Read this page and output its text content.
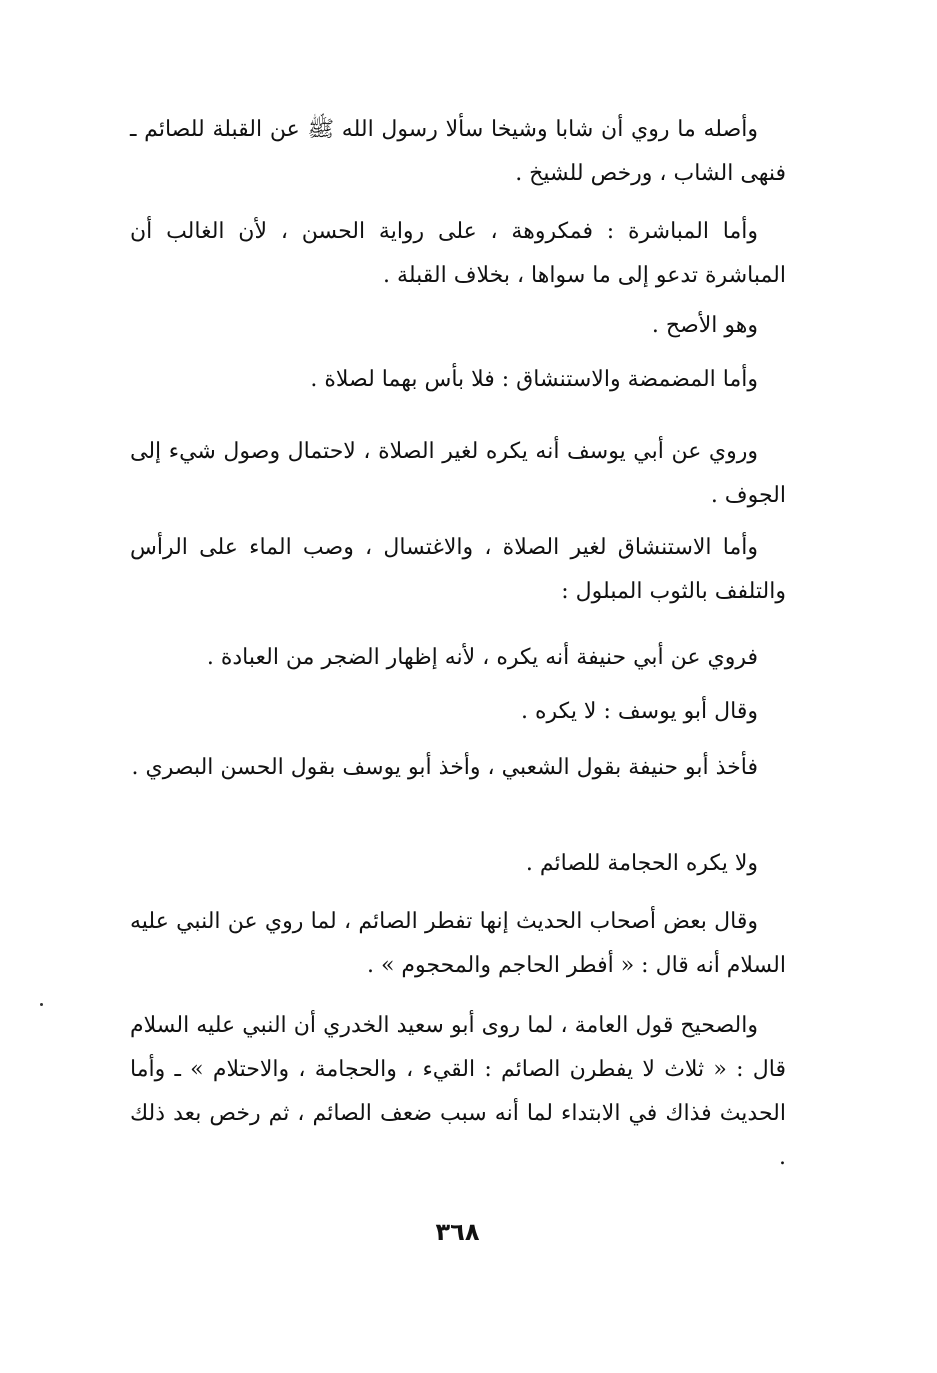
وأصله ما روي أن شابا وشيخا سألا رسول الله ﷺ عن القبلة للصائم ـ فنهى الشاب ، ورخص للشيخ .

وأما المباشرة : فمكروهة ، على رواية الحسن ، لأن الغالب أن المباشرة تدعو إلى ما سواها ، بخلاف القبلة .

وهو الأصح .

وأما المضمضة والاستنشاق : فلا بأس بهما لصلاة .

وروي عن أبي يوسف أنه يكره لغير الصلاة ، لاحتمال وصول شيء إلى الجوف .

وأما الاستنشاق لغير الصلاة ، والاغتسال ، وصب الماء على الرأس والتلفف بالثوب المبلول :

فروي عن أبي حنيفة أنه يكره ، لأنه إظهار الضجر من العبادة .

وقال أبو يوسف : لا يكره .

فأخذ أبو حنيفة بقول الشعبي ، وأخذ أبو يوسف بقول الحسن البصري .

ولا يكره الحجامة للصائم .

وقال بعض أصحاب الحديث إنها تفطر الصائم ، لما روي عن النبي عليه السلام أنه قال : « أفطر الحاجم والمحجوم » .

والصحيح قول العامة ، لما روى أبو سعيد الخدري أن النبي عليه السلام قال : « ثلاث لا يفطرن الصائم : القيء ، والحجامة ، والاحتلام » ـ وأما الحديث فذاك في الابتداء لما أنه سبب ضعف الصائم ، ثم رخص بعد ذلك .

٣٦٨
